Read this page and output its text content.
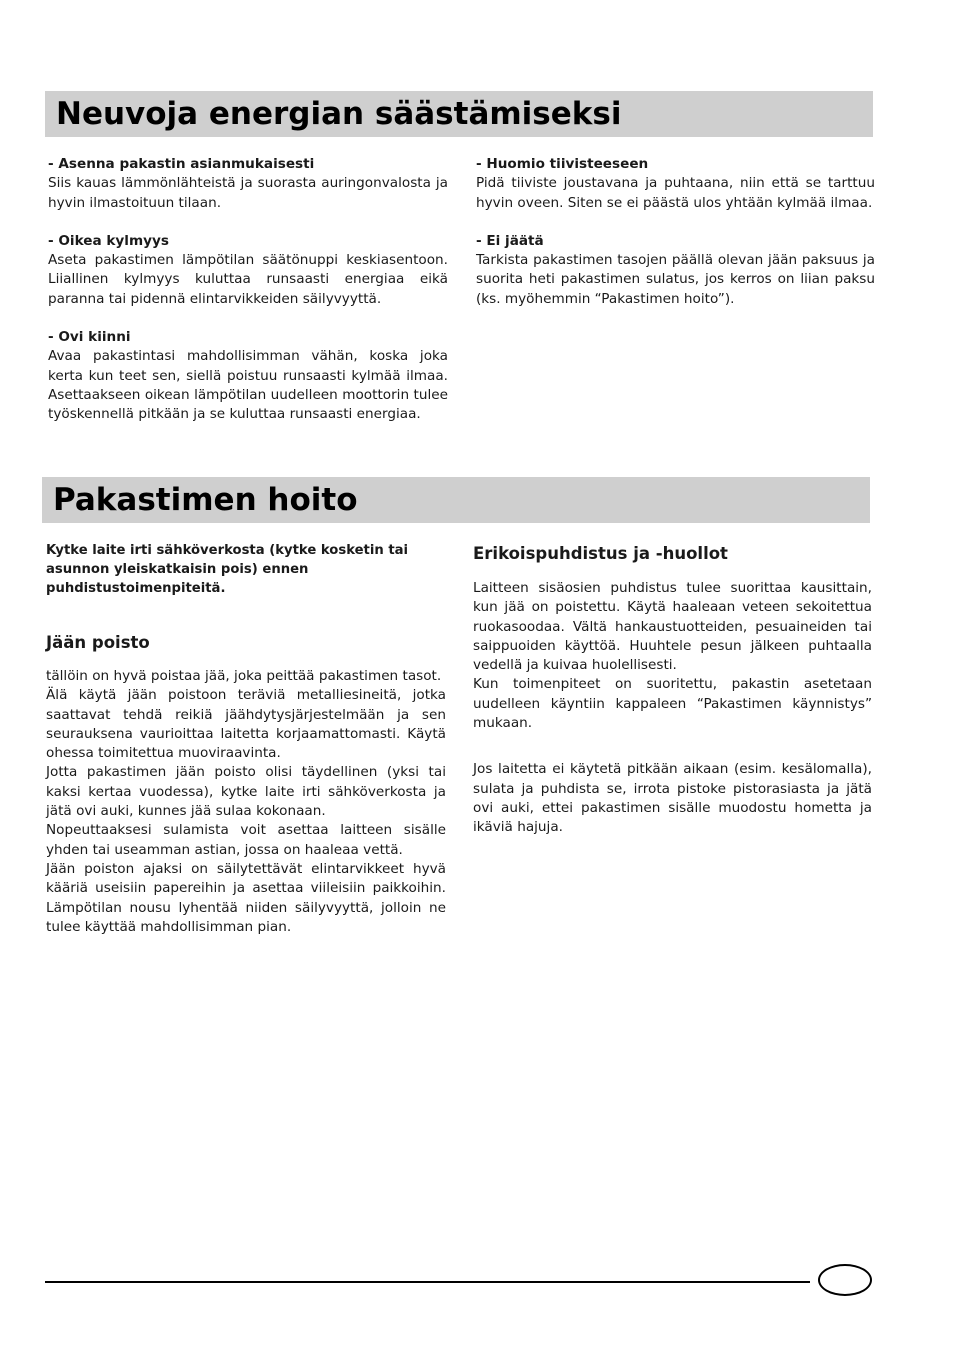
Neuvoja energian säästämiseksi

- Asenna pakastin asianmukaisesti

Siis kauas lämmönlähteistä ja suorasta auringonvalosta ja hyvin ilmastoituun tilaan.

- Oikea kylmyys

Aseta pakastimen lämpötilan säätönuppi keskiasentoon. Liiallinen kylmyys kuluttaa runsaasti energiaa eikä paranna tai pidennä elintarvikkeiden säilyvyyttä.

- Ovi kiinni

Avaa pakastintasi mahdollisimman vähän, koska joka kerta kun teet sen, siellä poistuu runsaasti kylmää ilmaa. Asettaakseen oikean lämpötilan uudelleen moottorin tulee työskennellä pitkään ja se kuluttaa runsaasti energiaa.

- Huomio tiivisteeseen

Pidä tiiviste joustavana ja puhtaana, niin että se tarttuu hyvin oveen. Siten se ei päästä ulos yhtään kylmää ilmaa.

- Ei jäätä

Tarkista pakastimen tasojen päällä olevan jään paksuus ja suorita heti pakastimen sulatus, jos kerros on liian paksu (ks. myöhemmin “Pakastimen hoito”).

Pakastimen hoito

Kytke laite irti sähköverkosta (kytke kosketin tai asunnon yleiskatkaisin pois) ennen puhdistustoimenpiteitä.

Jään poisto

tällöin on hyvä poistaa jää, joka peittää pakastimen tasot.

Älä käytä jään poistoon teräviä metalliesineitä, jotka saattavat tehdä reikiä jäähdytysjärjestelmään ja sen seurauksena vaurioittaa laitetta korjaamattomasti. Käytä ohessa toimitettua muoviraavinta.

Jotta pakastimen jään poisto olisi täydellinen (yksi tai kaksi kertaa vuodessa), kytke laite irti sähköverkosta ja jätä ovi auki, kunnes jää sulaa kokonaan.

Nopeuttaaksesi sulamista voit asettaa laitteen sisälle yhden tai useamman astian, jossa on haaleaa vettä.

Jään poiston ajaksi on säilytettävät elintarvikkeet hyvä kääriä useisiin papereihin ja asettaa viileisiin paikkoihin. Lämpötilan nousu lyhentää niiden säilyvyyttä, jolloin ne tulee käyttää mahdollisimman pian.

Erikoispuhdistus ja -huollot

Laitteen sisäosien puhdistus tulee suorittaa kausittain, kun jää on poistettu. Käytä haaleaan veteen sekoitettua ruokasoodaa. Vältä hankaustuotteiden, pesuaineiden tai saippuoiden käyttöä. Huuhtele pesun jälkeen puhtaalla vedellä ja kuivaa huolellisesti.

Kun toimenpiteet on suoritettu, pakastin asetetaan uudelleen käyntiin kappaleen “Pakastimen käynnistys” mukaan.

Jos laitetta ei käytetä pitkään aikaan (esim. kesälomalla), sulata ja puhdista se, irrota pistoke pistorasiasta ja jätä ovi auki, ettei pakastimen sisälle muodostu hometta ja ikäviä hajuja.
